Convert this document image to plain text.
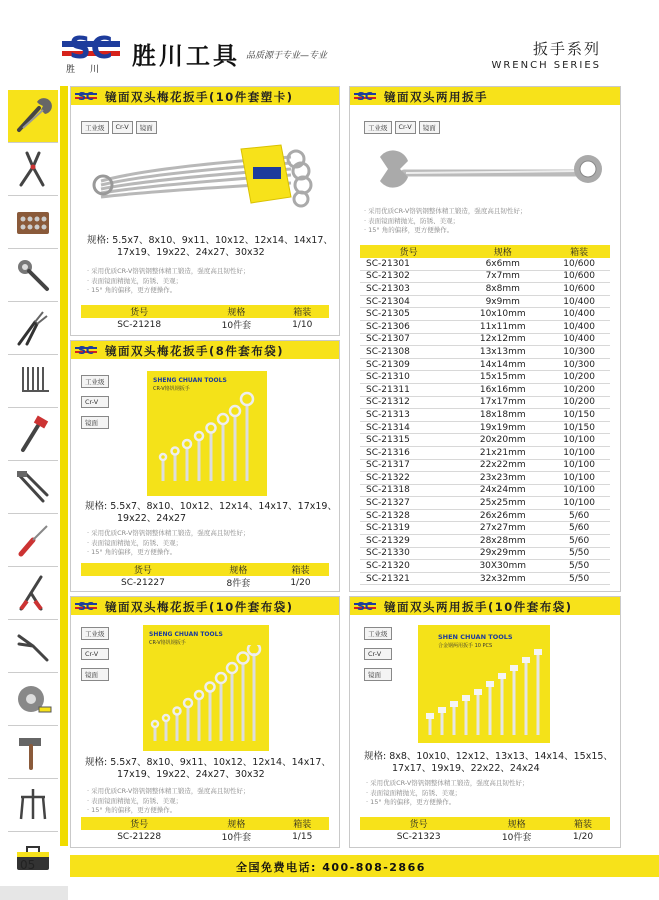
SC
胜 川 胜川工具 品质源于专业—专业	扳手系列
WRENCH SERIES
SC 镜面双头梅花扳手(10件套塑卡)
工业级	Cr-V	镜面
规格: 5.5x7、8x10、9x11、10x12、12x14、14x17、
17x19、19x22、24x27、30x32
· 采用优质CR-V铬钒钢整体精工锻造，强度高且韧性好；
· 表面镜面精抛光，防锈、美观；
· 15° 角的偏移，更方便操作。
货号	规格	箱装
SC-21218	10件套	1/10
SC 镜面双头梅花扳手(8件套布袋)
工业级
Cr-V
镜面
SHENG CHUAN TOOLS
CR-V铬钒钢扳手
规格: 5.5x7、8x10、10x12、12x14、14x17、17x19、
19x22、24x27
· 采用优质CR-V铬钒钢整体精工锻造，强度高且韧性好；
· 表面镜面精抛光，防锈、美观；
· 15° 角的偏移，更方便操作。
货号	规格	箱装
SC-21227	8件套	1/20
SC 镜面双头梅花扳手(10件套布袋)
工业级
Cr-V
镜面
SHENG CHUAN TOOLS
CR-V铬钒钢扳手
规格: 5.5x7、8x10、9x11、10x12、12x14、14x17、
17x19、19x22、24x27、30x32
· 采用优质CR-V铬钒钢整体精工锻造，强度高且韧性好；
· 表面镜面精抛光，防锈、美观；
· 15° 角的偏移，更方便操作。
货号	规格	箱装
SC-21228	10件套	1/15
SC 镜面双头两用扳手
工业级	Cr-V	镜面
· 采用优质CR-V铬钒钢整体精工锻造，强度高且韧性好；
· 表面镜面精抛光，防锈、美观；
· 15° 角的偏移，更方便操作。
货号	规格	箱装
SC-21301	6x6mm	10/600
SC-21302	7x7mm	10/600
SC-21303	8x8mm	10/600
SC-21304	9x9mm	10/400
SC-21305	10x10mm	10/400
SC-21306	11x11mm	10/400
SC-21307	12x12mm	10/400
SC-21308	13x13mm	10/300
SC-21309	14x14mm	10/300
SC-21310	15x15mm	10/200
SC-21311	16x16mm	10/200
SC-21312	17x17mm	10/200
SC-21313	18x18mm	10/150
SC-21314	19x19mm	10/150
SC-21315	20x20mm	10/100
SC-21316	21x21mm	10/100
SC-21317	22x22mm	10/100
SC-21322	23x23mm	10/100
SC-21318	24x24mm	10/100
SC-21327	25x25mm	10/100
SC-21328	26x26mm	5/60
SC-21319	27x27mm	5/60
SC-21329	28x28mm	5/60
SC-21330	29x29mm	5/50
SC-21320	30X30mm	5/50
SC-21321	32x32mm	5/50
SC 镜面双头两用扳手(10件套布袋)
工业级
Cr-V
镜面
SHEN CHUAN TOOLS
合金钢两用扳手 10 PCS
规格: 8x8、10x10、12x12、13x13、14x14、15x15、
17x17、19x19、22x22、24x24
· 采用优质CR-V铬钒钢整体精工锻造，强度高且韧性好；
· 表面镜面精抛光，防锈、美观；
· 15° 角的偏移，更方便操作。
货号	规格	箱装
SC-21323	10件套	1/20
全国免费电话: 400-808-2866
05
